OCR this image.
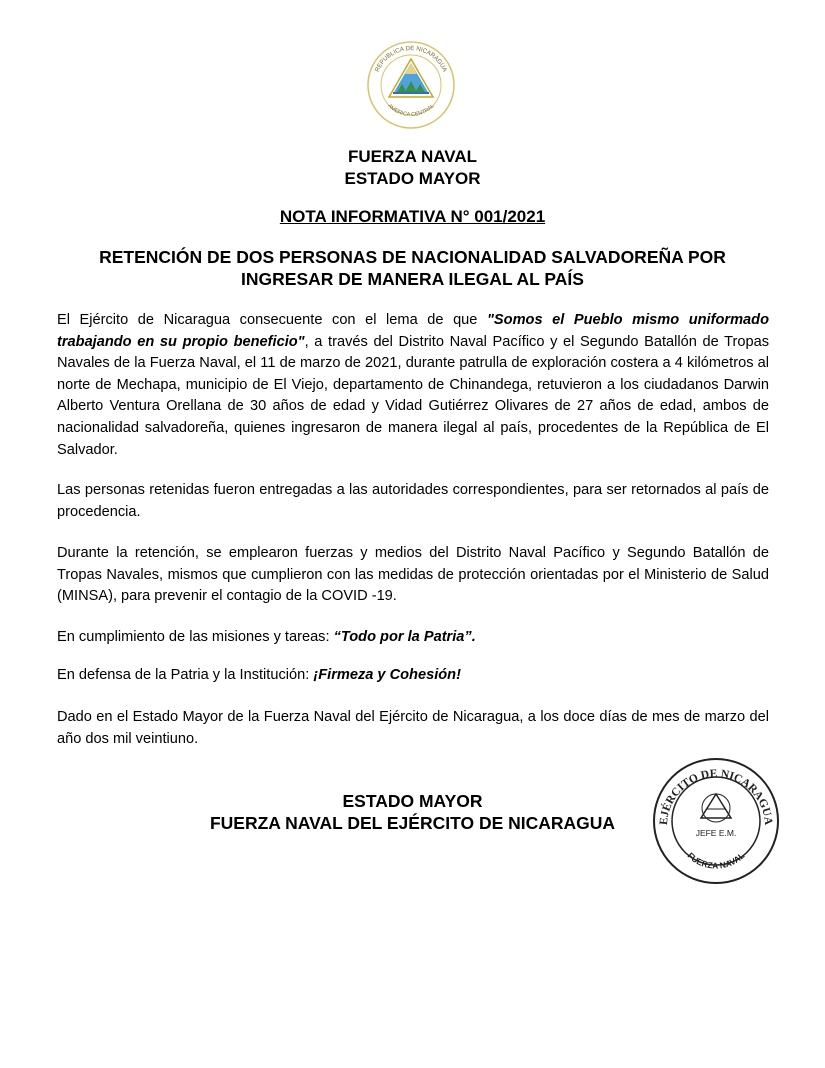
REPUBLICA DE NICARAGUA
AMERICA CENTRAL
FUERZA NAVAL
ESTADO MAYOR
NOTA INFORMATIVA N° 001/2021
RETENCIÓN DE DOS PERSONAS DE NACIONALIDAD SALVADOREÑA POR
INGRESAR DE MANERA ILEGAL AL PAÍS
El Ejército de Nicaragua consecuente con el lema de que "Somos el Pueblo mismo uniformado trabajando en su propio beneficio", a través del Distrito Naval Pacífico y el Segundo Batallón de Tropas Navales de la Fuerza Naval, el 11 de marzo de 2021, durante patrulla de exploración costera a 4 kilómetros al norte de Mechapa, municipio de El Viejo, departamento de Chinandega, retuvieron a los ciudadanos Darwin Alberto Ventura Orellana de 30 años de edad y Vidad Gutiérrez Olivares de 27 años de edad, ambos de nacionalidad salvadoreña, quienes ingresaron de manera ilegal al país, procedentes de la República de El Salvador.
Las personas retenidas fueron entregadas a las autoridades correspondientes, para ser retornados al país de procedencia.
Durante la retención, se emplearon fuerzas y medios del Distrito Naval Pacífico y Segundo Batallón de Tropas Navales, mismos que cumplieron con las medidas de protección orientadas por el Ministerio de Salud (MINSA), para prevenir el contagio de la COVID -19.
En cumplimiento de las misiones y tareas: “Todo por la Patria”.
En defensa de la Patria y la Institución: ¡Firmeza y Cohesión!
Dado en el Estado Mayor de la Fuerza Naval del Ejército de Nicaragua, a los doce días de mes de marzo del año dos mil veintiuno.
ESTADO MAYOR
FUERZA NAVAL DEL EJÉRCITO DE NICARAGUA	EJÉRCITO DE NICARAGUA
JEFE E.M.
FUERZA NAVAL
